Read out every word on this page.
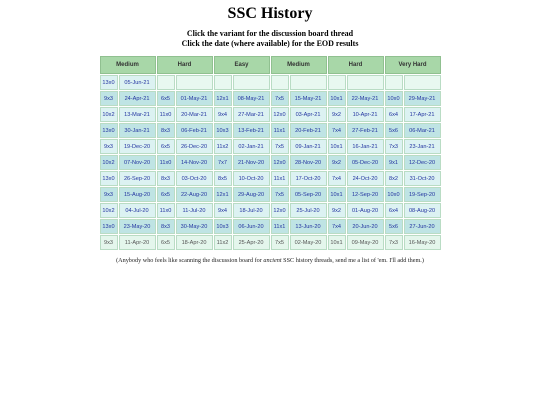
SSC History
Click the variant for the discussion board thread
Click the date (where available) for the EOD results
Medium		Hard		Easy		Medium		Hard		Very Hard	
13x0	05-Jun-21										
9x3	24-Apr-21	6x5	01-May-21	12x1	08-May-21	7x5	15-May-21	10x1	22-May-21	10x0	29-May-21
10x2	13-Mar-21	11x0	20-Mar-21	9x4	27-Mar-21	12x0	03-Apr-21	9x2	10-Apr-21	6x4	17-Apr-21
13x0	30-Jan-21	8x3	06-Feb-21	10x3	13-Feb-21	11x1	20-Feb-21	7x4	27-Feb-21	5x6	06-Mar-21
9x3	19-Dec-20	6x5	26-Dec-20	11x2	02-Jan-21	7x5	09-Jan-21	10x1	16-Jan-21	7x3	23-Jan-21
10x2	07-Nov-20	11x0	14-Nov-20	7x7	21-Nov-20	12x0	28-Nov-20	9x2	05-Dec-20	9x1	12-Dec-20
13x0	26-Sep-20	8x3	03-Oct-20	8x5	10-Oct-20	11x1	17-Oct-20	7x4	24-Oct-20	8x2	31-Oct-20
9x3	15-Aug-20	6x5	22-Aug-20	12x1	29-Aug-20	7x5	05-Sep-20	10x1	12-Sep-20	10x0	19-Sep-20
10x2	04-Jul-20	11x0	11-Jul-20	9x4	18-Jul-20	12x0	25-Jul-20	9x2	01-Aug-20	6x4	08-Aug-20
13x0	23-May-20	8x3	30-May-20	10x3	06-Jun-20	11x1	13-Jun-20	7x4	20-Jun-20	5x6	27-Jun-20
9x3	11-Apr-20	6x5	18-Apr-20	11x2	25-Apr-20	7x5	02-May-20	10x1	09-May-20	7x3	16-May-20
(Anybody who feels like scanning the discussion board for ancient SSC history threads, send me a list of 'em. I'll add them.)
